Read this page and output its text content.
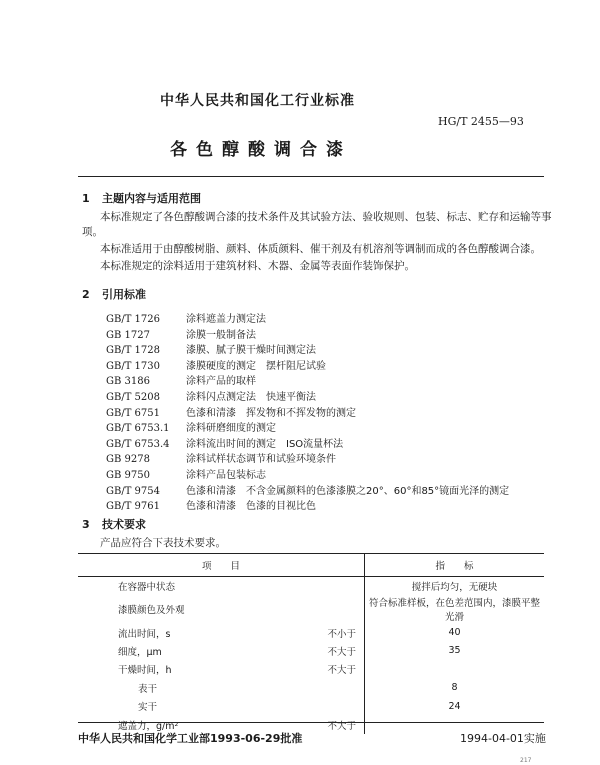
中华人民共和国化工行业标准
HG/T 2455—93
各色醇酸调合漆
1 主题内容与适用范围
本标准规定了各色醇酸调合漆的技术条件及其试验方法、验收规则、包装、标志、贮存和运输等事
项。
本标准适用于由醇酸树脂、颜料、体质颜料、催干剂及有机溶剂等调制而成的各色醇酸调合漆。
本标准规定的涂料适用于建筑材料、木器、金属等表面作装饰保护。
2 引用标准
GB/T 1726	涂料遮盖力测定法
GB 1727	涂膜一般制备法
GB/T 1728	漆膜、腻子膜干燥时间测定法
GB/T 1730	漆膜硬度的测定　摆杆阻尼试验
GB 3186	涂料产品的取样
GB/T 5208	涂料闪点测定法　快速平衡法
GB/T 6751	色漆和清漆　挥发物和不挥发物的测定
GB/T 6753.1 涂料研磨细度的测定
GB/T 6753.4 涂料流出时间的测定　ISO流量杯法
GB 9278	涂料试样状态调节和试验环境条件
GB 9750	涂料产品包装标志
GB/T 9754	色漆和清漆　不含金属颜料的色漆漆膜之20°、60°和85°镜面光泽的测定
GB/T 9761	色漆和清漆　色漆的目视比色
3 技术要求
产品应符合下表技术要求。
项　　目		指　　标
在容器中状态		搅拌后均匀，无硬块
漆膜颜色及外观		符合标准样板，在色差范围内，漆膜平整光滑
流出时间，s	不小于	40
细度，μm	不大于	35
干燥时间，h	不大于	
表干		8
实干		24
遮盖力，g/m²	不大于	
中华人民共和国化学工业部1993-06-29批准	1994-04-01实施
217
